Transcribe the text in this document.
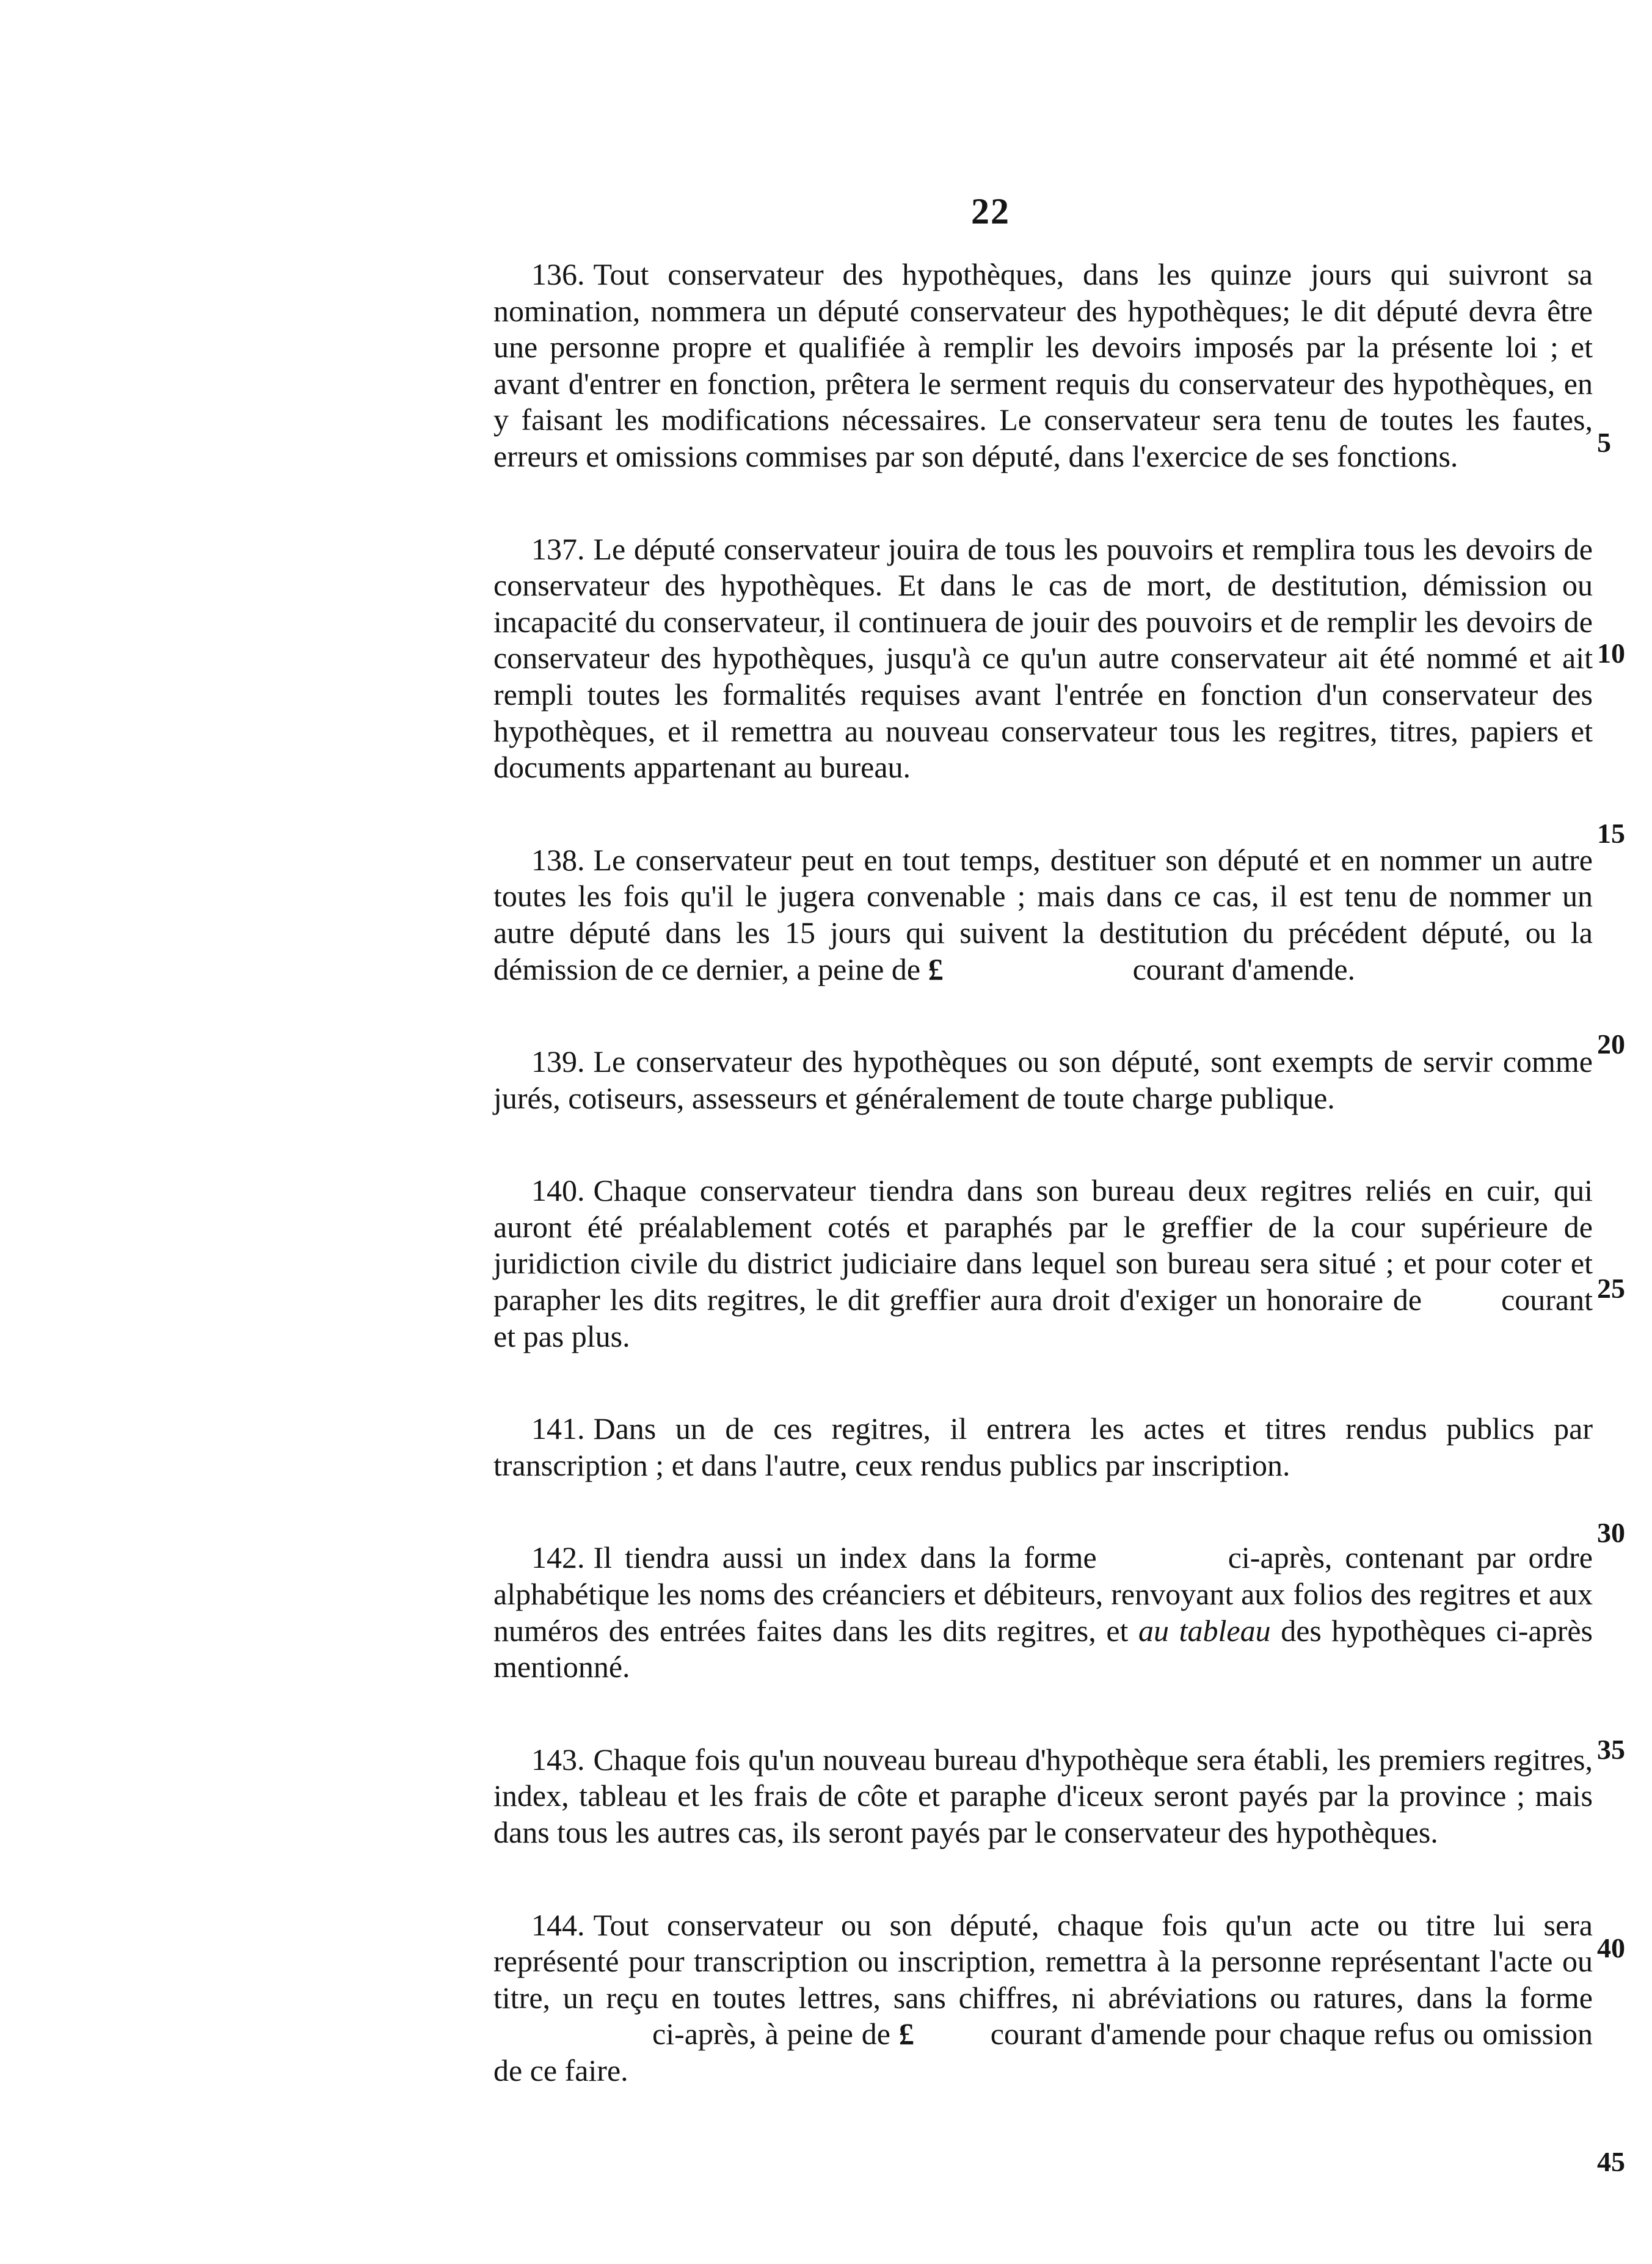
22

136. Tout conservateur des hypothèques, dans les quinze jours qui suivront sa nomination, nommera un député conservateur des hypothèques; le dit député devra être une personne propre et qualifiée à remplir les devoirs imposés par la présente loi ; et avant d'entrer en fonction, prêtera le serment requis du conservateur des hypothèques, en y faisant les modifications nécessaires. Le conservateur sera tenu de toutes les fautes, erreurs et omissions commises par son député, dans l'exercice de ses fonctions.

137. Le député conservateur jouira de tous les pouvoirs et remplira tous les devoirs de conservateur des hypothèques. Et dans le cas de mort, de destitution, démission ou incapacité du conservateur, il continuera de jouir des pouvoirs et de remplir les devoirs de conservateur des hypothèques, jusqu'à ce qu'un autre conservateur ait été nommé et ait rempli toutes les formalités requises avant l'entrée en fonction d'un conservateur des hypothèques, et il remettra au nouveau conservateur tous les regitres, titres, papiers et documents appartenant au bureau.

138. Le conservateur peut en tout temps, destituer son député et en nommer un autre toutes les fois qu'il le jugera convenable ; mais dans ce cas, il est tenu de nommer un autre député dans les 15 jours qui suivent la destitution du précédent député, ou la démission de ce dernier, a peine de £	courant d'amende.

139. Le conservateur des hypothèques ou son député, sont exempts de servir comme jurés, cotiseurs, assesseurs et généralement de toute charge publique.

140. Chaque conservateur tiendra dans son bureau deux regitres reliés en cuir, qui auront été préalablement cotés et paraphés par le greffier de la cour supérieure de juridiction civile du district judiciaire dans lequel son bureau sera situé ; et pour coter et parapher les dits regitres, le dit greffier aura droit d'exiger un honoraire de	courant et pas plus.

141. Dans un de ces regitres, il entrera les actes et titres rendus publics par transcription ; et dans l'autre, ceux rendus publics par inscription.

142. Il tiendra aussi un index dans la forme	ci-après, contenant par ordre alphabétique les noms des créanciers et débiteurs, renvoyant aux folios des regitres et aux numéros des entrées faites dans les dits regitres, et au tableau des hypothèques ci-après mentionné.

143. Chaque fois qu'un nouveau bureau d'hypothèque sera établi, les premiers regitres, index, tableau et les frais de côte et paraphe d'iceux seront payés par la province ; mais dans tous les autres cas, ils seront payés par le conservateur des hypothèques.

144. Tout conservateur ou son député, chaque fois qu'un acte ou titre lui sera représenté pour transcription ou inscription, remettra à la personne représentant l'acte ou titre, un reçu en toutes lettres, sans chiffres, ni abréviations ou ratures, dans la formeci-après, à peine de £	courant d'amende pour chaque refus ou omission de ce faire.

5
10
15
20
25
30
35
40
45
